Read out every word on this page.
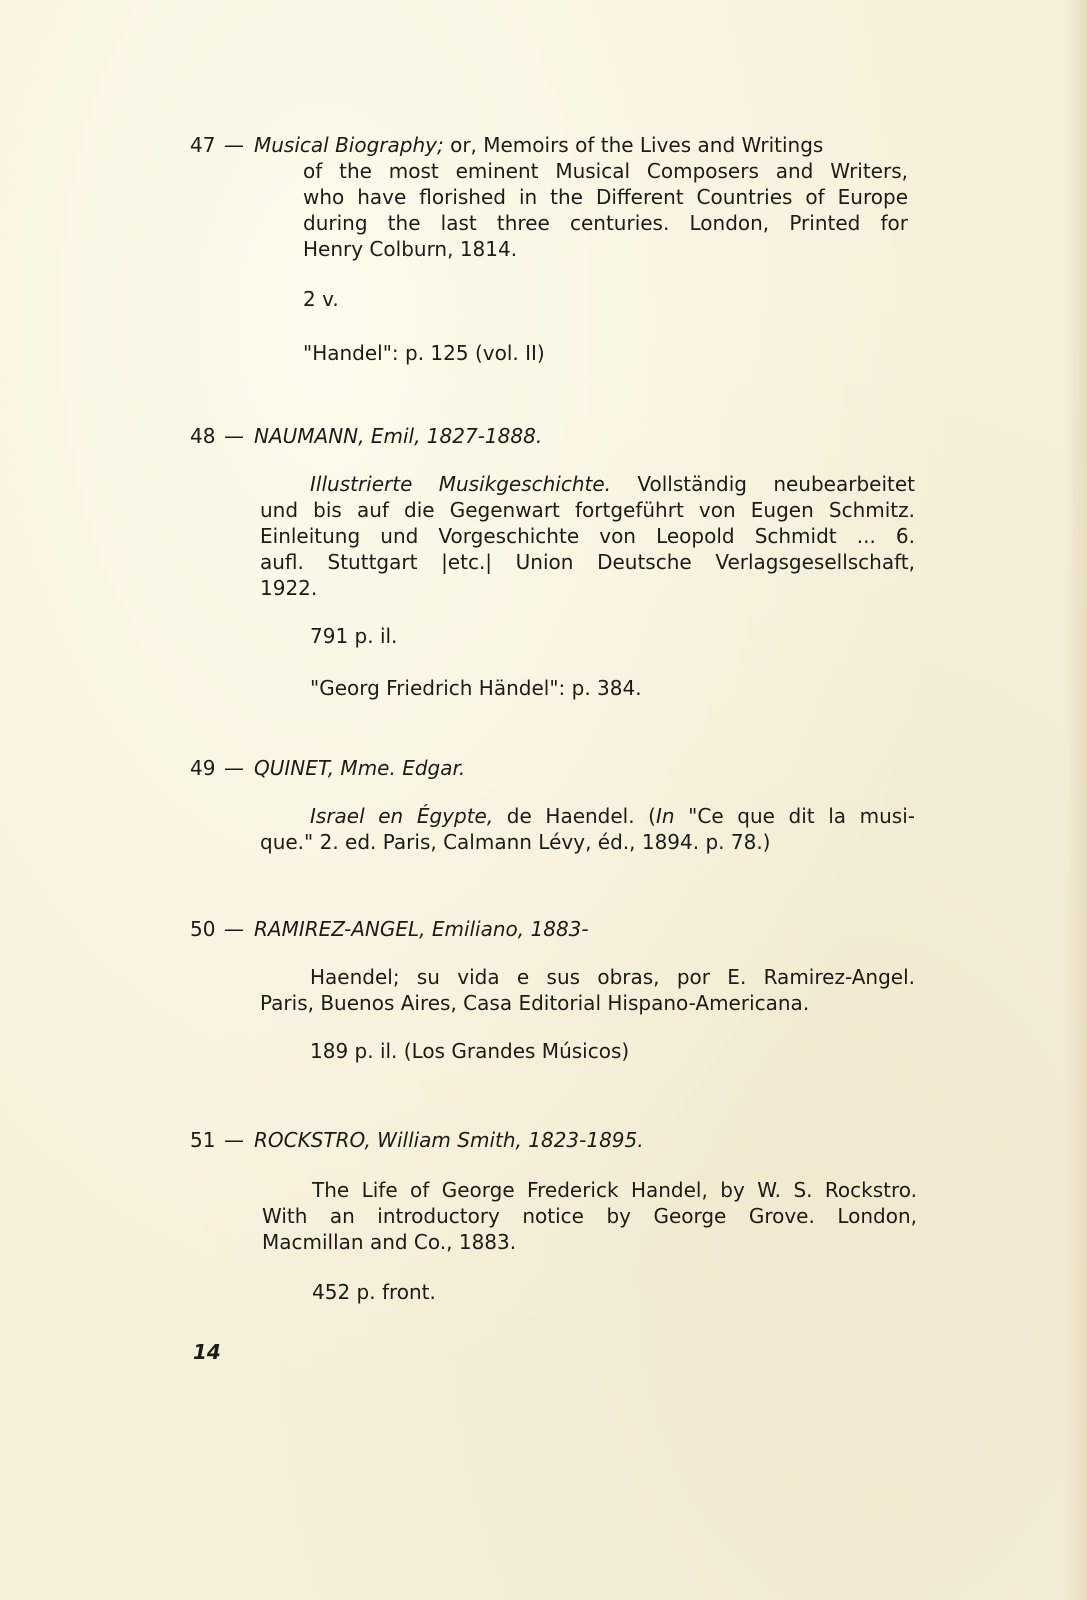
47 — Musical Biography; or, Memoirs of the Lives and Writings

of the most eminent Musical Composers and Writers,
who have florished in the Different Countries of Europe
during the last three centuries. London, Printed for
Henry Colburn, 1814.

2 v.

"Handel": p. 125 (vol. II)

48 — NAUMANN, Emil, 1827-1888.

Illustrierte Musikgeschichte. Vollständig neubearbeitet
und bis auf die Gegenwart fortgeführt von Eugen Schmitz.
Einleitung und Vorgeschichte von Leopold Schmidt ... 6.
aufl. Stuttgart |etc.| Union Deutsche Verlagsgesellschaft,
1922.

791 p. il.

"Georg Friedrich Händel": p. 384.

49 — QUINET, Mme. Edgar.

Israel en Égypte, de Haendel. (In "Ce que dit la musi-
que." 2. ed. Paris, Calmann Lévy, éd., 1894. p. 78.)

50 — RAMIREZ-ANGEL, Emiliano, 1883-

Haendel; su vida e sus obras, por E. Ramirez-Angel.
Paris, Buenos Aires, Casa Editorial Hispano-Americana.

189 p. il. (Los Grandes Músicos)

51 — ROCKSTRO, William Smith, 1823-1895.

The Life of George Frederick Handel, by W. S. Rockstro.
With an introductory notice by George Grove. London,
Macmillan and Co., 1883.

452 p. front.

14
